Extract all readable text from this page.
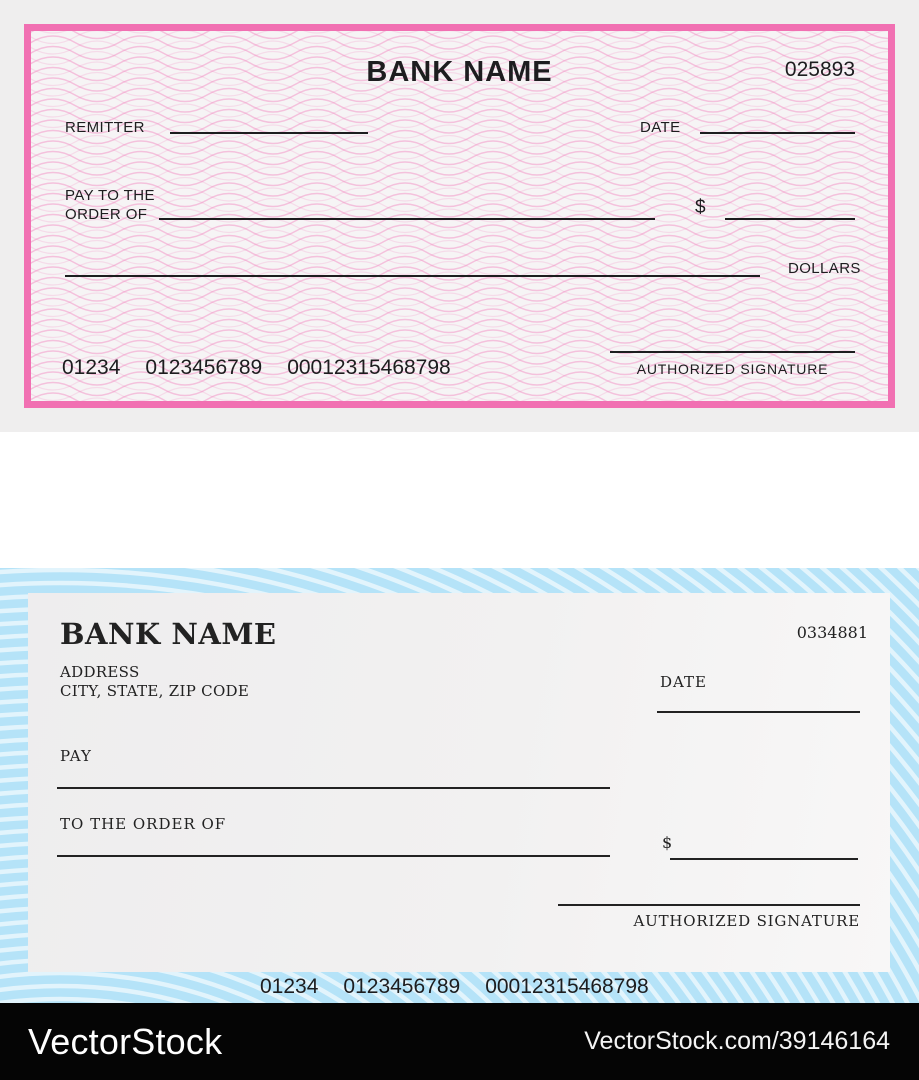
BANK NAME	025893
REMITTER	DATE
PAY TO THE
ORDER OF	$
DOLLARS
AUTHORIZED SIGNATURE
01234 0123456789 00012315468798
BANK NAME
ADDRESS
CITY, STATE, ZIP CODE
0334881
DATE
PAY
TO THE ORDER OF
$
AUTHORIZED SIGNATURE
01234 0123456789 00012315468798
VectorStock	VectorStock.com/39146164
